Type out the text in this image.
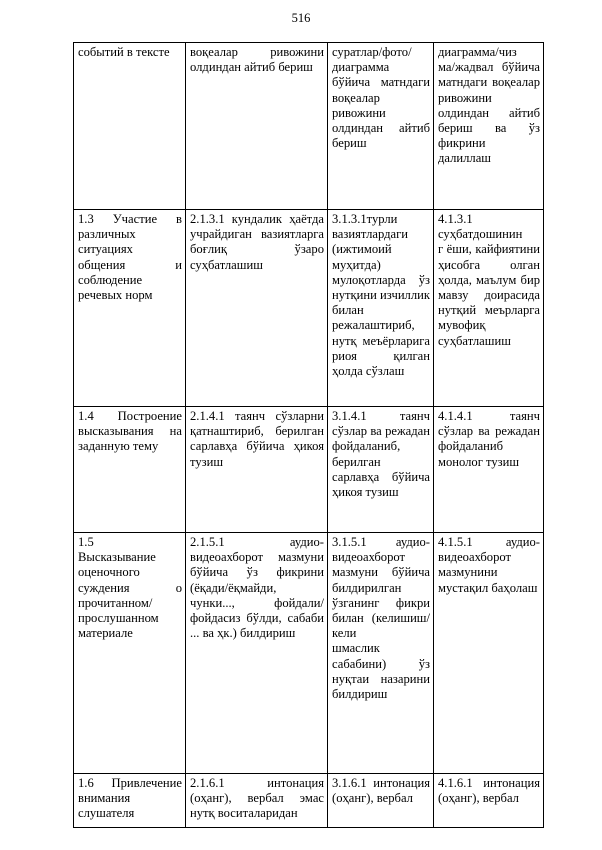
516
событий в тексте	воқеалар ривожини олдиндан айтиб бериш	суратлар/фото/
диаграмма бўйича матндаги воқеалар ривожини олдиндан айтиб бериш	диаграмма/чиз
ма/жадвал бўйича матндаги воқеалар ривожини олдиндан айтиб бериш ва ўз фикрини далиллаш

1.3 Участие в различных ситуациях общения и соблюдение речевых норм	2.1.3.1 кундалик ҳаётда учрайдиган вазиятларга боғлиқ ўзаро суҳбатлашиш	3.1.3.1турли вазиятлардаги (ижтимоий муҳитда) мулоқотларда ўз нутқини изчиллик билан режалаштириб, нутқ меъёрларига риоя қилган ҳолда сўзлаш	4.1.3.1 суҳбатдошинин
г ёши, кайфиятини ҳисобга олган ҳолда, маълум бир мавзу доирасида нутқий меърларга мувофиқ суҳбатлашиш

1.4 Построение высказывания на заданную тему	2.1.4.1 таянч сўзларни қатнаштириб, берилган сарлавҳа бўйича ҳикоя тузиш	3.1.4.1 таянч сўзлар ва режадан фойдаланиб, берилган сарлавҳа бўйича ҳикоя тузиш	4.1.4.1 таянч сўзлар ва режадан фойдаланиб монолог тузиш

1.5
Высказывание оценочного суждения о прочитанном/
прослушанном материале	2.1.5.1 аудио-видеоахборот мазмуни бўйича ўз фикрини (ёқади/ёқмайди, чунки..., фойдали/фойдасиз бўлди, сабаби ... ва ҳк.) билдириш	3.1.5.1 аудио-видеоахборот мазмуни бўйича билдирилган ўзганинг фикри билан (келишиш/кели
шмаслик сабабини) ўз нуқтаи назарини билдириш	4.1.5.1 аудио-видеоахборот мазмунини мустақил баҳолаш

1.6 Привлечение внимания слушателя	2.1.6.1 интонация (оҳанг), вербал эмас нутқ воситаларидан	3.1.6.1 интонация (оҳанг), вербал	4.1.6.1 интонация (оҳанг), вербал
